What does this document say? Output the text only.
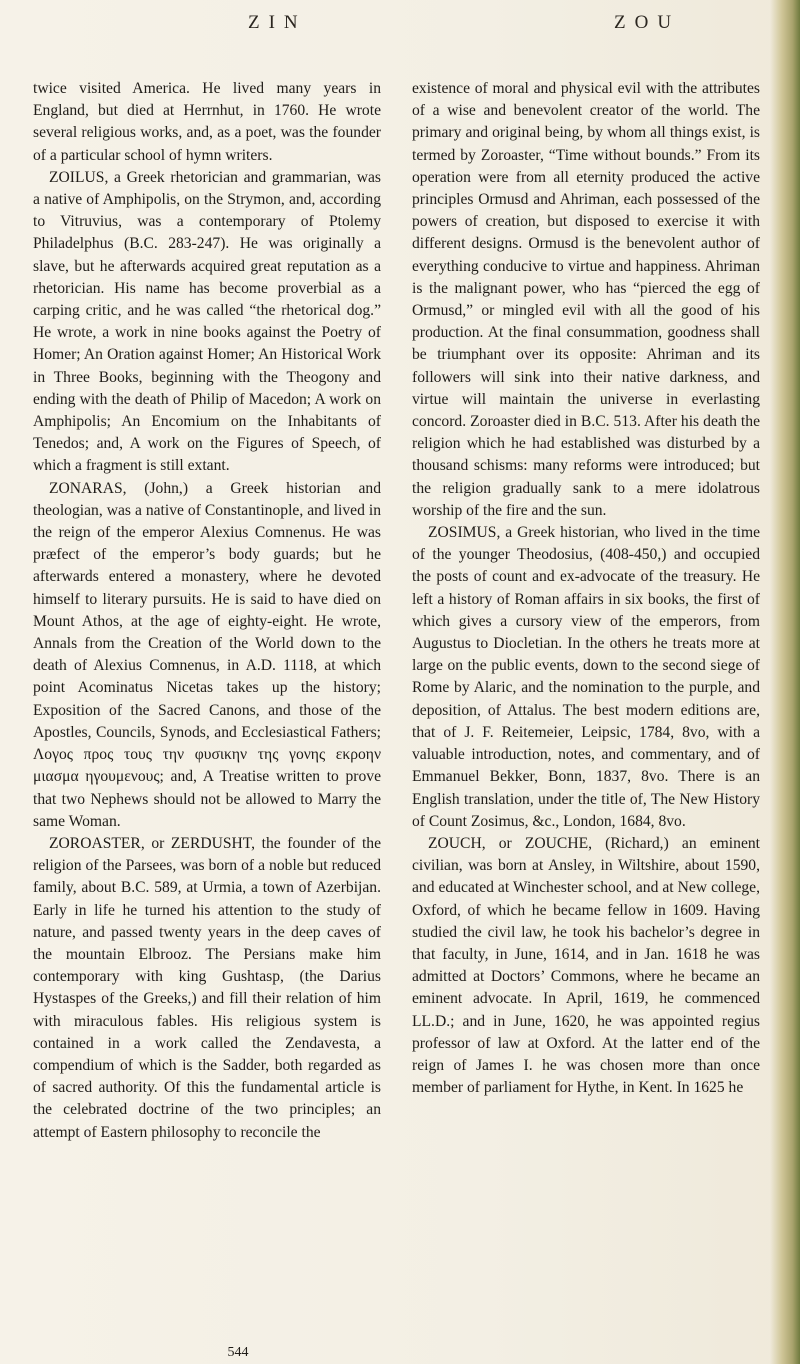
ZIN	ZOU

twice visited America. He lived many years in England, but died at Herrnhut, in 1760. He wrote several religious works, and, as a poet, was the founder of a particular school of hymn writers.

ZOILUS, a Greek rhetorician and grammarian, was a native of Amphipolis, on the Strymon, and, according to Vitruvius, was a contemporary of Ptolemy Philadelphus (B.C. 283-247). He was originally a slave, but he afterwards acquired great reputation as a rhetorician. His name has become proverbial as a carping critic, and he was called “the rhetorical dog.” He wrote, a work in nine books against the Poetry of Homer; An Oration against Homer; An Historical Work in Three Books, beginning with the Theogony and ending with the death of Philip of Macedon; A work on Amphipolis; An Encomium on the Inhabitants of Tenedos; and, A work on the Figures of Speech, of which a fragment is still extant.

ZONARAS, (John,) a Greek historian and theologian, was a native of Constantinople, and lived in the reign of the emperor Alexius Comnenus. He was præfect of the emperor’s body guards; but he afterwards entered a monastery, where he devoted himself to literary pursuits. He is said to have died on Mount Athos, at the age of eighty-eight. He wrote, Annals from the Creation of the World down to the death of Alexius Comnenus, in A.D. 1118, at which point Acominatus Nicetas takes up the history; Exposition of the Sacred Canons, and those of the Apostles, Councils, Synods, and Ecclesiastical Fathers; Λογος προς τους την φυσικην της γονης εκροην μιασμα ηγουμενους; and, A Treatise written to prove that two Nephews should not be allowed to Marry the same Woman.

ZOROASTER, or ZERDUSHT, the founder of the religion of the Parsees, was born of a noble but reduced family, about B.C. 589, at Urmia, a town of Azerbijan. Early in life he turned his attention to the study of nature, and passed twenty years in the deep caves of the mountain Elbrooz. The Persians make him contemporary with king Gushtasp, (the Darius Hystaspes of the Greeks,) and fill their relation of him with miraculous fables. His religious system is contained in a work called the Zendavesta, a compendium of which is the Sadder, both regarded as of sacred authority. Of this the fundamental article is the celebrated doctrine of the two principles; an attempt of Eastern philosophy to reconcile the

existence of moral and physical evil with the attributes of a wise and benevolent creator of the world. The primary and original being, by whom all things exist, is termed by Zoroaster, “Time without bounds.” From its operation were from all eternity produced the active principles Ormusd and Ahriman, each possessed of the powers of creation, but disposed to exercise it with different designs. Ormusd is the benevolent author of everything conducive to virtue and happiness. Ahriman is the malignant power, who has “pierced the egg of Ormusd,” or mingled evil with all the good of his production. At the final consummation, goodness shall be triumphant over its opposite: Ahriman and its followers will sink into their native darkness, and virtue will maintain the universe in everlasting concord. Zoroaster died in B.C. 513. After his death the religion which he had established was disturbed by a thousand schisms: many reforms were introduced; but the religion gradually sank to a mere idolatrous worship of the fire and the sun.

ZOSIMUS, a Greek historian, who lived in the time of the younger Theodosius, (408-450,) and occupied the posts of count and ex-advocate of the treasury. He left a history of Roman affairs in six books, the first of which gives a cursory view of the emperors, from Augustus to Diocletian. In the others he treats more at large on the public events, down to the second siege of Rome by Alaric, and the nomination to the purple, and deposition, of Attalus. The best modern editions are, that of J. F. Reitemeier, Leipsic, 1784, 8vo, with a valuable introduction, notes, and commentary, and of Emmanuel Bekker, Bonn, 1837, 8vo. There is an English translation, under the title of, The New History of Count Zosimus, &c., London, 1684, 8vo.

ZOUCH, or ZOUCHE, (Richard,) an eminent civilian, was born at Ansley, in Wiltshire, about 1590, and educated at Winchester school, and at New college, Oxford, of which he became fellow in 1609. Having studied the civil law, he took his bachelor’s degree in that faculty, in June, 1614, and in Jan. 1618 he was admitted at Doctors’ Commons, where he became an eminent advocate. In April, 1619, he commenced LL.D.; and in June, 1620, he was appointed regius professor of law at Oxford. At the latter end of the reign of James I. he was chosen more than once member of parliament for Hythe, in Kent. In 1625 he

544
